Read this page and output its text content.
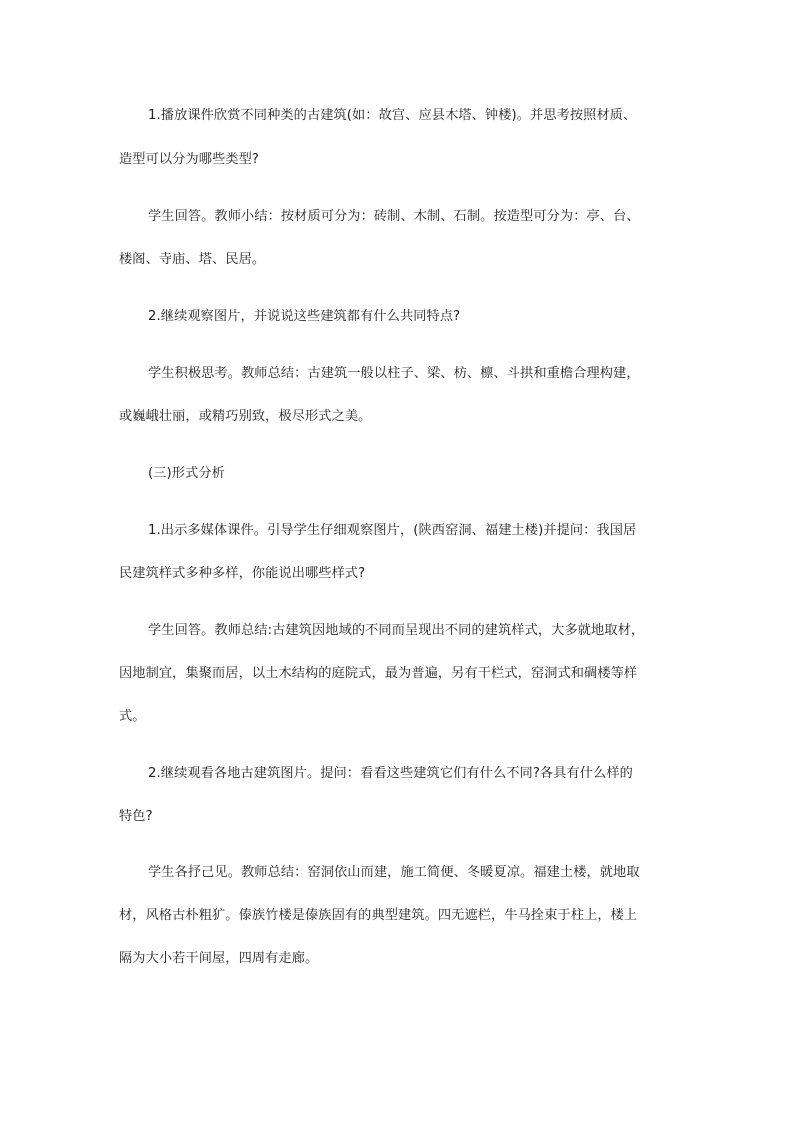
1.播放课件欣赏不同种类的古建筑(如：故宫、应县木塔、钟楼)。并思考按照材质、
造型可以分为哪些类型?
学生回答。教师小结：按材质可分为：砖制、木制、石制。按造型可分为：亭、台、
楼阁、寺庙、塔、民居。
2.继续观察图片，并说说这些建筑都有什么共同特点?
学生积极思考。教师总结：古建筑一般以柱子、梁、枋、檩、斗拱和重檐合理构建，
或巍峨壮丽，或精巧别致，极尽形式之美。
(三)形式分析
1.出示多媒体课件。引导学生仔细观察图片，(陕西窑洞、福建土楼)并提问：我国居
民建筑样式多种多样，你能说出哪些样式?
学生回答。教师总结:古建筑因地域的不同而呈现出不同的建筑样式，大多就地取材，
因地制宜，集聚而居，以土木结构的庭院式，最为普遍，另有干栏式，窑洞式和碉楼等样
式。
2.继续观看各地古建筑图片。提问：看看这些建筑它们有什么不同?各具有什么样的
特色?
学生各抒己见。教师总结：窑洞依山而建，施工简便、冬暖夏凉。福建土楼，就地取
材，风格古朴粗犷。傣族竹楼是傣族固有的典型建筑。四无遮栏，牛马拴束于柱上，楼上
隔为大小若干间屋，四周有走廊。
